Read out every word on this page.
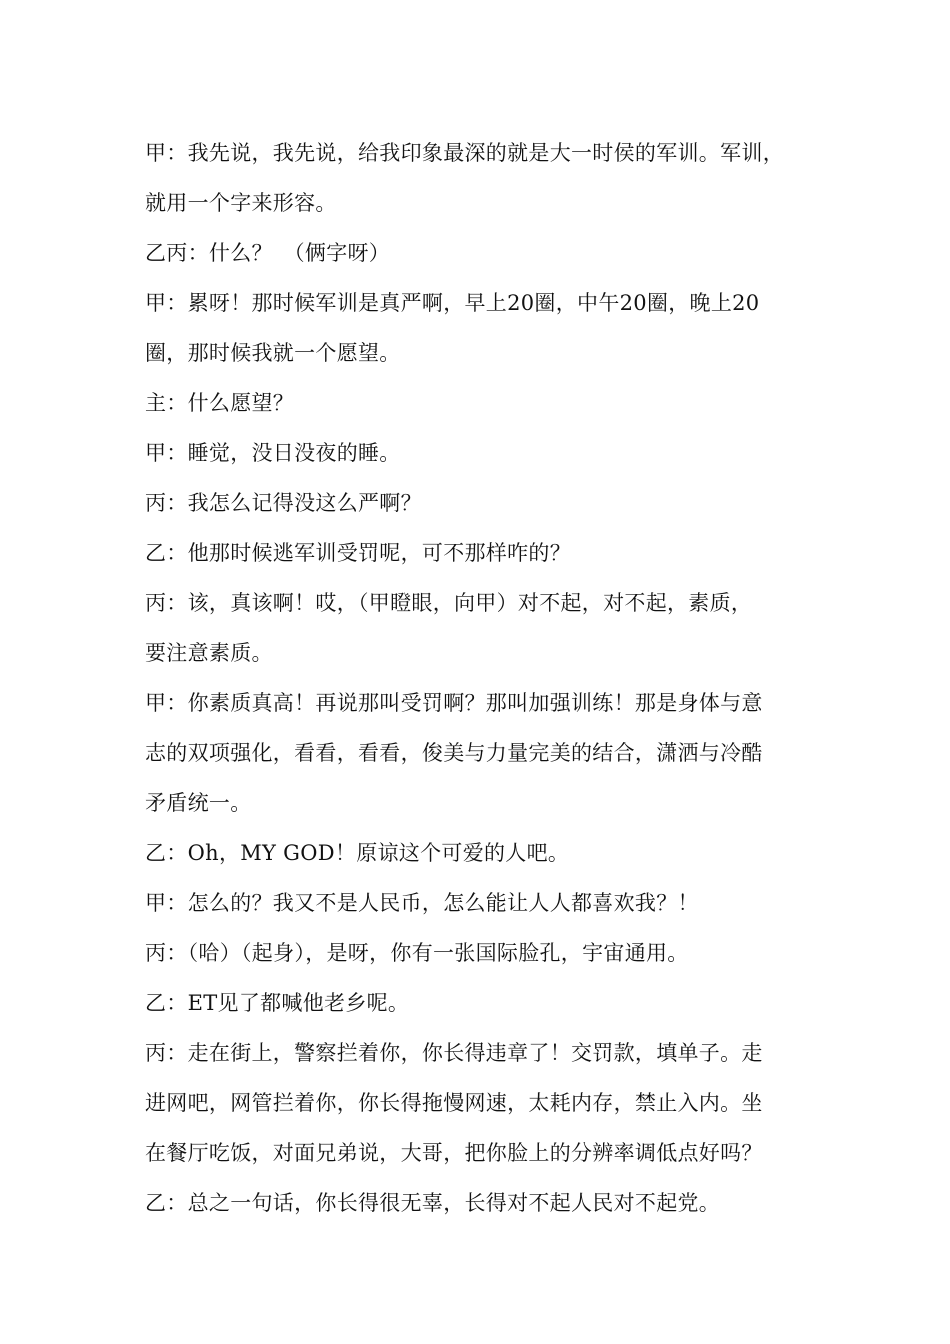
甲：我先说，我先说，给我印象最深的就是大一时侯的军训。军训，
就用一个字来形容。
乙丙：什么？　（俩字呀）
甲：累呀！那时候军训是真严啊，早上20圈，中午20圈，晚上20
圈，那时候我就一个愿望。
主：什么愿望？
甲：睡觉，没日没夜的睡。
丙：我怎么记得没这么严啊？
乙：他那时候逃军训受罚呢，可不那样咋的？
丙：该，真该啊！哎，（甲瞪眼，向甲）对不起，对不起，素质，
要注意素质。
甲：你素质真高！再说那叫受罚啊？那叫加强训练！那是身体与意
志的双项强化，看看，看看，俊美与力量完美的结合，潇洒与冷酷
矛盾统一。
乙：Oh，MY GOD！原谅这个可爱的人吧。
甲：怎么的？我又不是人民币，怎么能让人人都喜欢我？！
丙：（哈）（起身），是呀，你有一张国际脸孔，宇宙通用。
乙：ET见了都喊他老乡呢。
丙：走在街上，警察拦着你，你长得违章了！交罚款，填单子。走
进网吧，网管拦着你，你长得拖慢网速，太耗内存，禁止入内。坐
在餐厅吃饭，对面兄弟说，大哥，把你脸上的分辨率调低点好吗？
乙：总之一句话，你长得很无辜，长得对不起人民对不起党。
